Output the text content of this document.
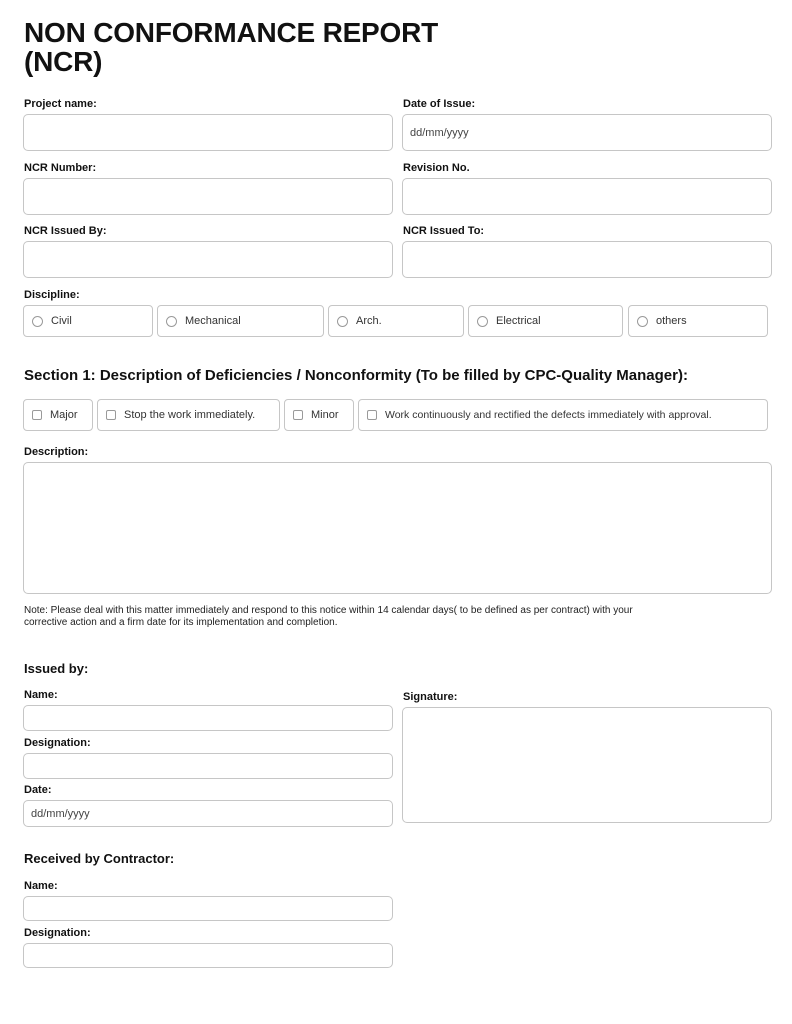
NON CONFORMANCE REPORT
(NCR)
Project name:	Date of Issue:
dd/mm/yyyy
NCR Number:	Revision No.
NCR Issued By:	NCR Issued To:
Discipline:
Civil	Mechanical	Arch.	Electrical	others
Section 1: Description of Deficiencies / Nonconformity (To be filled by CPC-Quality Manager):
Major	Stop the work immediately.	Minor	Work continuously and rectified the defects immediately with approval.
Description:
Note: Please deal with this matter immediately and respond to this notice within 14 calendar days( to be defined as per contract) with your corrective action and a firm date for its implementation and completion.
Issued by:
Name:
Designation:
Date:
dd/mm/yyyy
Signature:
Received by Contractor:
Name:
Designation:
